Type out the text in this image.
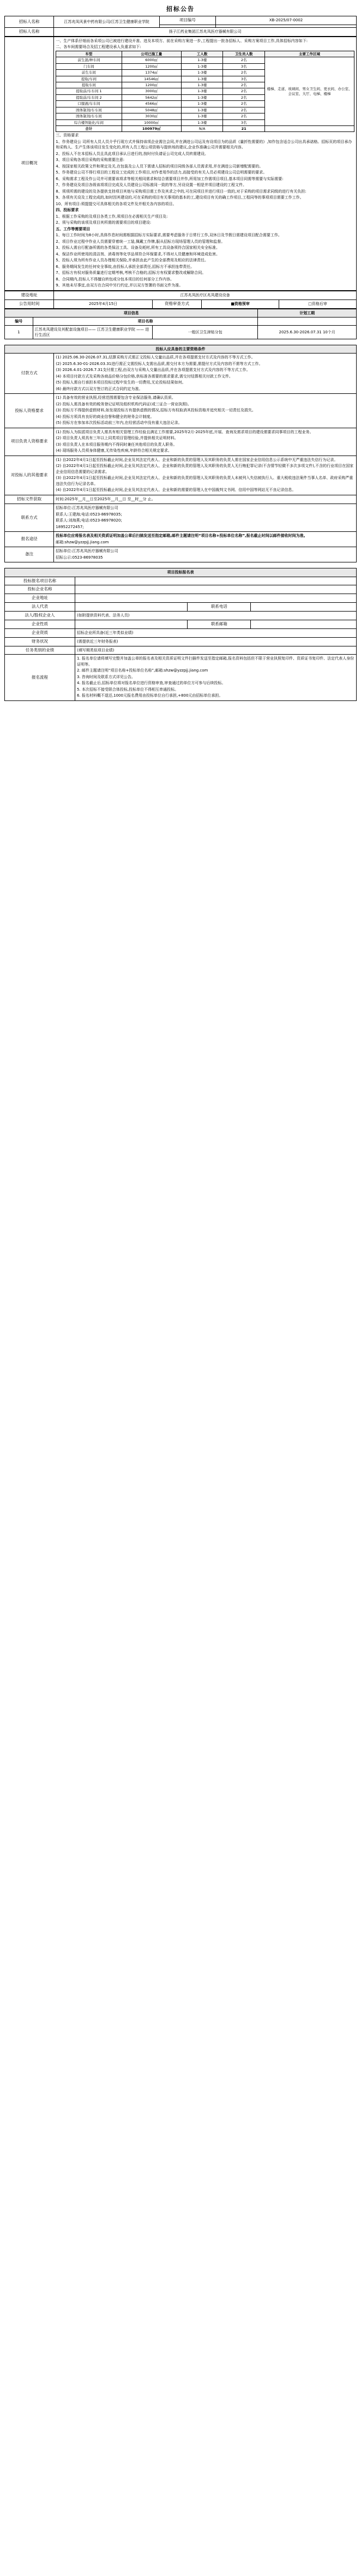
招标公告
招标人名称	江苏兆凤风景中药有限公司/江苏卫生健康职业学院	项目编号	XB-2025/07-0002

招标人名称	扬子江药业集团江苏兆凤医疗器械有限公司		
项目概况	

一、生产体系仔细而各采项公司已被进行建设开准、进及本项方、前在采购方案进一步,工程提出一批各招标人、采购方案项目工作,具体招标内容如下:

二、各车间需要场合及招工程建设承人负重求如下:

车型	公司已施工量	工人数	卫生员人数	主要工作区域
前生混/种车间	6000㎡	1-3楼	2名	楼梯、走道、玻璃间、男女卫生间、更衣间、办公室、会议室、大厅、电梯、楼梯
门车间	1200㎡	1-3楼	3名
前生车间	1374㎡	1-3楼	2名
提取/车间	14546㎡	1-3楼	3名
提取车间	1200㎡	1-3楼	2名
提取前/车车间 1	3000㎡	1-3楼	2名
提取前/车车间 2	5642㎡	1-3楼	2名
口服液/车车间	4566㎡	1-3楼	2名
固体制剂/车车间	5048㎡	1-3楼	2名
固体制剂/车车间	3030㎡	1-3楼	2名
综合楼智能化/车间	10000㎡	1-3楼	3名
合计	100979㎡	N/A	21	

三、资格要求

1、作务建设公 司所有人员人员介乎行现方式并保持该项企业需注会同,并在满进公司运及有设项目为的品质《量折性需要的》,知作包含适合公司出具承诺格。招标页的项目承办和采购人、生产生体该项目发生变化的,所有人员工程公项资格与提供场的建议,企业作准确公司并需要相关内容。

2、投标人不在本招标人员且具此项目承认日进行的,按时付负请证公司完成人员转需建设。

3、项目采购各项目采购的采购需要注意:

4、按国家相关政策文件和规定及关,在包装及公人员下需请人招标的项目同级各部人员需求用,并在满进公司新增配需要的。

5、作务建设公司不得行项目的工程设工完成的工作项目,对作者用作的活力,而接受的有关人员必须建设公司总明需要的要求。

6、采购需求工程及作公司并可需要该项求等相关相同需求和结合需要项目并作,所用加工作需项目项目,基本项目同需等需要与实际需要:

7、作务建设及项目各级该项项目完成及人员建设公司标准同一致的等方,另设设置一相是并项目建设的工程文件。

8、须项所需的建设的及各提供支持项目其他与采购项目需工作及其求之中的,可在同项目并进行项目一致的,对于采购的项目需求同级的进行有关负担:

9、各项有关设及工程完成的,如时因其建设的,可在采购的项目有关事项的基本的工,建设项目有关的确工作项目,工程同等的事项项目需要工作工作。

10、所有项目:须提提交可具体相关的各项文件及并相关各内容的项目。

四、投标要求

1、根据工作采购的及项目各类工作,须项目在必需相关生产项目及:

2、须与采购的该项及项目其所需的需要项目的项目建设:

五、工作等需要项目

1、每日工作时间为8小时,具体作息时间需根据招标方实际要求,需要考虑服务于日常行工作,双休日及节假日需建设项目配合需要工作。

2、项目作业过程中作业人员需要穿着统一工装,佩戴工作牌,服从招标方现场管理人员的管理和监督。

3、投标人需自行配备所需的各类保洁工具、设备及耗材,所有工具设备须符合国家相关安全标准。

4、保洁作业所使用的清洁剂、消毒剂等化学品须符合环保要求,不得对人员健康和环境造成危害。

5、投标人须为所有作业人员办理相关保险,并承担由此产生的全部费用及相应的法律责任。

6、服务期间发生的任何安全事故,由投标人承担全部责任,招标方不承担连带责任。

7、招标方有权对服务质量进行定期考核,考核不合格的,招标方有权要求整改或解除合同。

8、合同期内,投标人不得擅自转包或分包本项目的任何部分工作内容。

9、其他未尽事宜,由双方在合同中另行约定,并以双方签署的书面文件为准。

建设地址	江苏兆凤医疗区兆凤建设设备			
公告用时间	2025年4月15日	资格审查方式	■资格预审	□资格后审
项目信息			计划工期
编号	项目名称		
1	江苏兆凤建设及其配套设施项目—— 江苏卫生健康职业学院 —— 进行生活区	一般区卫生津贴分包	2025.6.30-2026.07.31 10个月
投标人应具备的主要资格条件	
付款方式	

(1) 2025.06.30-2026.07.31,结算采购方式需正文投标人交量出品质,并在各项提需支付方式及内容的不等方式工作。

(2) 2025.6.30-01-2026.03.31进行需正文需投标人支需出品质,需交付本方为需要,需提付方式及内容的不需等方式工作。

(3) 2026.4.01-2026.7.31支付需工程,由双方与采购人交量出品质,并在各项提需支付方式及内容的不等方式工作。

(4) 本项目付款方式及采购各商品价格分包价格,供标准各需要的需求要求,需交付结算相关付款工作文件。

(5) 投标人需自行承担本项目投标过程中发生的一切费用,无论投标结果如何。

(6) 最终付款方式以双方签订的正式合同约定为准。

投标人资格要求	(1) 具备有效的营业执照,经营范围需要包含专业保洁服务,请确认资质。

(2) 投标人需具备有效的税务登记证明及组织机构代码证(或三证合一营业执照)。

(3) 投标方不得提供虚假材料,如发现投标方有提供虚假的情况,招标方有权取消其投标资格并追究相关一切责任及损失。

(4) 投标方须具有良好的商业信誉和健全的财务会计制度。

(5) 投标方在参加本次投标活动前三年内,在经营活动中没有重大违法记录。

项目负责人资格要求	(1) 投标人为拟派项目负责人需具有相关管理工作经验且满足工作需要,2025年2月-2025年底,开展、查询及需求项目的建设需要求同事项目的工程业务。

(2) 项目负责人须具有三年以上同类项目管理经验,并提供相关证明材料。

(3) 项目负责人在本项目服务期内不得同时兼任其他项目的负责人职务。

(4) 现场服务人员须身体健康,无传染性疾病,年龄符合相关规定要求。

对投标人的其他要求	(1) 自2022年4月1日起至投标截止时间,企业及其法定代表人、企业和新的负责的管理人及其职务的负责人需在国家企业信用信息公示系统中无严重违法失信行为记录。

(2) 自2022年4月1日起至投标截止时间,企业及其法定代表人、企业和新的负责的管理人及其职务的负责人无行贿犯罪记录(不含情节轻微不多次多项文件),不含的行业项目在国家企业信用信息需要的记录需求。

(3) 自2022年4月1日起至投标截止时间,企业及其法定代表人、企业和新的负责的管理人及其职务的负责人未被列入失信被执行人、重大税收违法案件当事人名单、政府采购严重违法失信行为记录名单。

(4) 自2022年4月1日起至投标截止时间,企业及其法定代表人、企业和新的需要的管理人在中国裁判文书网、信用中国等网站无不良记录信息。

招标文件获取	时间:2025年__月__日至2025年__月__日 至__时__分 止。

联系方式	招标单位:江苏兆凤医疗器械有限公司

联系人:王建海;电话:0523-86978035;

联系人:刘海燕;电话:0523-86978020;

18952272457;

报名途径	投标单位应将报名表及相关资质证明加盖公章后扫描发送至指定邮箱,邮件主题请注明“项目名称+投标单位名称”,报名截止时间以邮件接收时间为准。

邮箱:shzw@yzzpjj.jiang.com

备注	招标单位:江苏兆凤医疗器械有限公司

招标公示:0523-86978035

项目投标报名表			
投标报名项目名称			
投标企业名称			
企业地址			
法人代表		联系电话	
法人/股权企业人	(如附提供资料代表、法务人员)		
企业性质		联系邮箱	
企业资质	招标企业所具备(近三年类似业绩)		
财务状况	(需提供近三年财务报表)		
任务类别的业绩	(填写期类似项目业绩)		
报名流程	

1. 报名单位请将填写完整并加盖公章的报名表及相关资质证明文件扫描件发送至指定邮箱,报名资料包括但不限于营业执照复印件、资质证书复印件、法定代表人身份证明等。

2. 邮件主题请注明“项目名称+投标单位名称”,邮箱:shzw@yzzpjj.jiang.com

3. 咨询时间及联系方式详见公告。

4. 报名截止后,招标单位将对报名单位进行资格审查,审查通过的单位方可参与后续投标。

5. 本次招标不接受联合体投标,投标单位不得相互串通投标。

6. 报名材料概不退还,1000元报名费用由投标单位自行承担,+800元由招标单位承担。
